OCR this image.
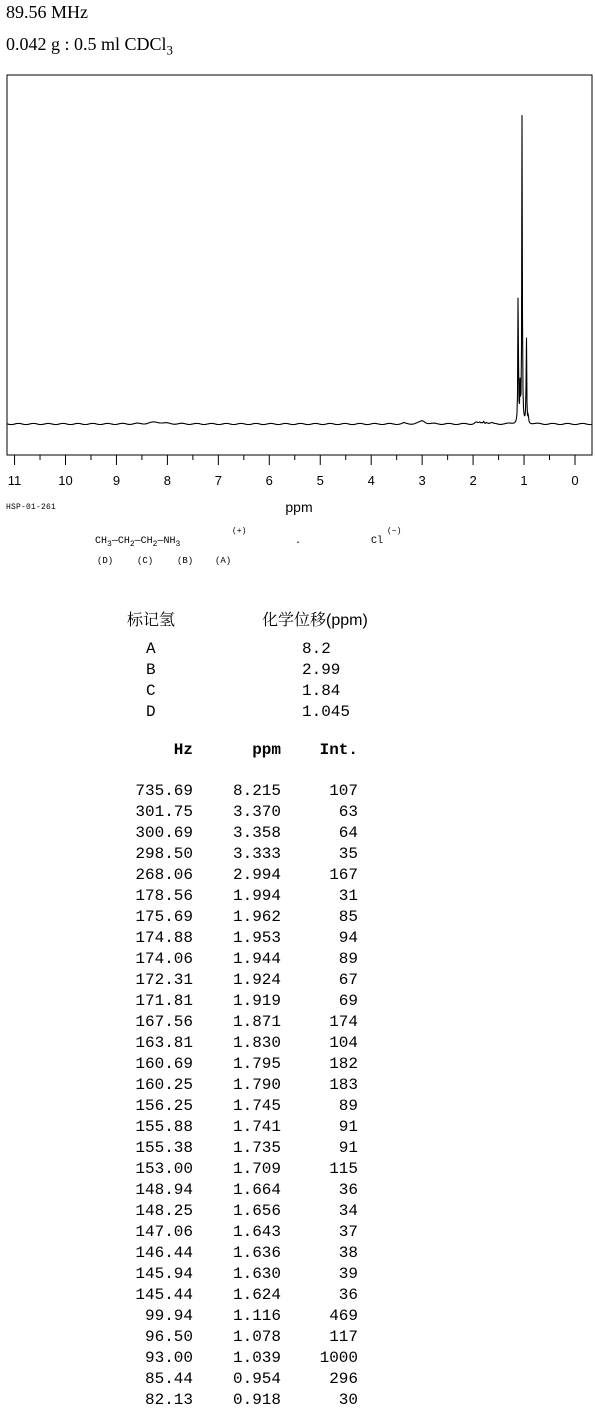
89.56 MHz
0.042 g : 0.5 ml CDCl$_3$
11	10	9	8	7	6	5	4	3	2	1	0
ppm
HSP-01-261
$CH_3—CH_2—CH_2—NH_3$
(+)
.	Cl
(−)
(D)	(C)	(B) (A)
标记氢	化学位移(ppm)
A	8.2
B	2.99
C	1.84
D	1.045
Hz	ppm	Int.
735.69	8.215	107
301.75	3.370	63
300.69	3.358	64
298.50	3.333	35
268.06	2.994	167
178.56	1.994	31
175.69	1.962	85
174.88	1.953	94
174.06	1.944	89
172.31	1.924	67
171.81	1.919	69
167.56	1.871	174
163.81	1.830	104
160.69	1.795	182
160.25	1.790	183
156.25	1.745	89
155.88	1.741	91
155.38	1.735	91
153.00	1.709	115
148.94	1.664	36
148.25	1.656	34
147.06	1.643	37
146.44	1.636	38
145.94	1.630	39
145.44	1.624	36
99.94	1.116	469
96.50	1.078	117
93.00	1.039	1000
85.44	0.954	296
82.13	0.918	30
